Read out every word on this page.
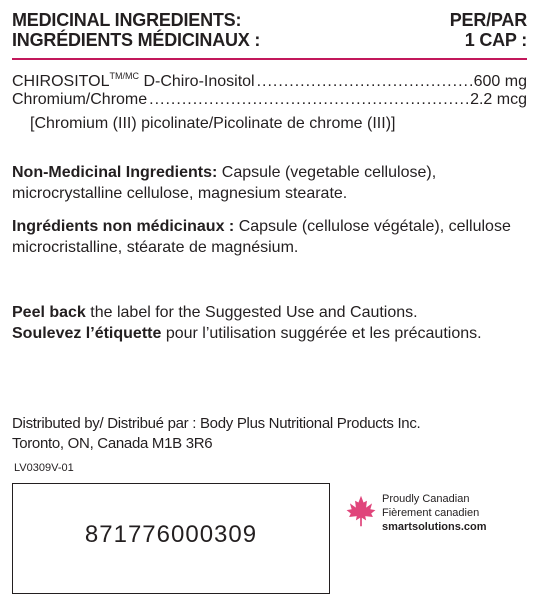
MEDICINAL INGREDIENTS:
INGRÉDIENTS MÉDICINAUX :
PER/PAR
1 CAP :
$CHIROSITOL^{TM/MC}$ D-Chiro-Inositol .....	600 mg
Chromium/Chrome .....	2.2 mcg
[Chromium (III) picolinate/Picolinate de chrome (III)]
Non-Medicinal Ingredients: Capsule (vegetable cellulose), microcrystalline cellulose, magnesium stearate.
Ingrédients non médicinaux : Capsule (cellulose végétale), cellulose microcristalline, stéarate de magnésium.
Peel back the label for the Suggested Use and Cautions.
Soulevez l’étiquette pour l’utilisation suggérée et les précautions.
Distributed by/ Distribué par : Body Plus Nutritional Products Inc. Toronto, ON, Canada M1B 3R6
LV0309V-01
871776000309
Proudly Canadian
Fièrement canadien
smartsolutions.com
